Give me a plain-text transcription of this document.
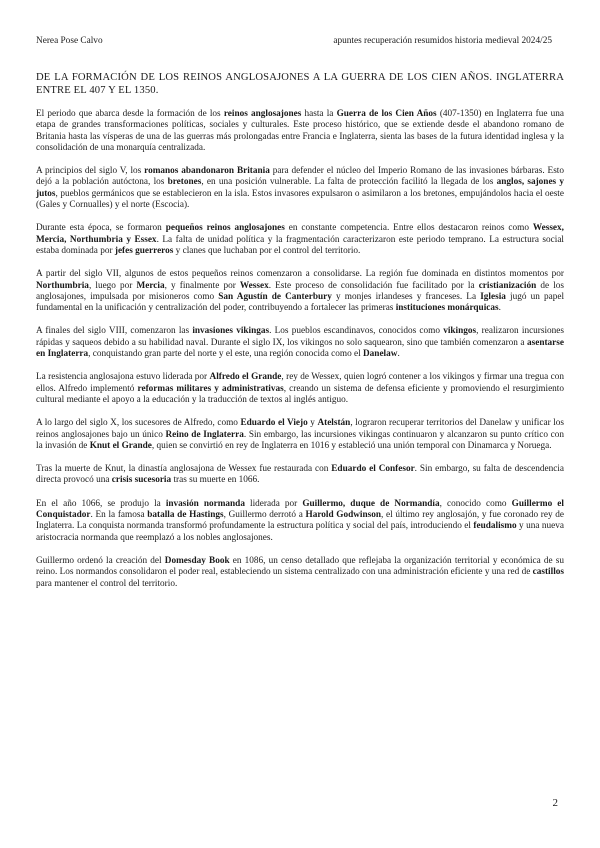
Nerea Pose Calvo	apuntes recuperación resumidos historia medieval 2024/25
DE LA FORMACIÓN DE LOS REINOS ANGLOSAJONES A LA GUERRA DE LOS CIEN AÑOS. INGLATERRA ENTRE EL 407 Y EL 1350.

El periodo que abarca desde la formación de los reinos anglosajones hasta la Guerra de los Cien Años (407-1350) en Inglaterra fue una etapa de grandes transformaciones políticas, sociales y culturales. Este proceso histórico, que se extiende desde el abandono romano de Britania hasta las vísperas de una de las guerras más prolongadas entre Francia e Inglaterra, sienta las bases de la futura identidad inglesa y la consolidación de una monarquía centralizada.

A principios del siglo V, los romanos abandonaron Britania para defender el núcleo del Imperio Romano de las invasiones bárbaras. Esto dejó a la población autóctona, los bretones, en una posición vulnerable. La falta de protección facilitó la llegada de los anglos, sajones y jutos, pueblos germánicos que se establecieron en la isla. Estos invasores expulsaron o asimilaron a los bretones, empujándolos hacia el oeste (Gales y Cornualles) y el norte (Escocia).

Durante esta época, se formaron pequeños reinos anglosajones en constante competencia. Entre ellos destacaron reinos como Wessex, Mercia, Northumbria y Essex. La falta de unidad política y la fragmentación caracterizaron este periodo temprano. La estructura social estaba dominada por jefes guerreros y clanes que luchaban por el control del territorio.

A partir del siglo VII, algunos de estos pequeños reinos comenzaron a consolidarse. La región fue dominada en distintos momentos por Northumbria, luego por Mercia, y finalmente por Wessex. Este proceso de consolidación fue facilitado por la cristianización de los anglosajones, impulsada por misioneros como San Agustín de Canterbury y monjes irlandeses y franceses. La Iglesia jugó un papel fundamental en la unificación y centralización del poder, contribuyendo a fortalecer las primeras instituciones monárquicas.

A finales del siglo VIII, comenzaron las invasiones vikingas. Los pueblos escandinavos, conocidos como vikingos, realizaron incursiones rápidas y saqueos debido a su habilidad naval. Durante el siglo IX, los vikingos no solo saquearon, sino que también comenzaron a asentarse en Inglaterra, conquistando gran parte del norte y el este, una región conocida como el Danelaw.

La resistencia anglosajona estuvo liderada por Alfredo el Grande, rey de Wessex, quien logró contener a los vikingos y firmar una tregua con ellos. Alfredo implementó reformas militares y administrativas, creando un sistema de defensa eficiente y promoviendo el resurgimiento cultural mediante el apoyo a la educación y la traducción de textos al inglés antiguo.

A lo largo del siglo X, los sucesores de Alfredo, como Eduardo el Viejo y Atelstán, lograron recuperar territorios del Danelaw y unificar los reinos anglosajones bajo un único Reino de Inglaterra. Sin embargo, las incursiones vikingas continuaron y alcanzaron su punto crítico con la invasión de Knut el Grande, quien se convirtió en rey de Inglaterra en 1016 y estableció una unión temporal con Dinamarca y Noruega.

Tras la muerte de Knut, la dinastía anglosajona de Wessex fue restaurada con Eduardo el Confesor. Sin embargo, su falta de descendencia directa provocó una crisis sucesoria tras su muerte en 1066.

En el año 1066, se produjo la invasión normanda liderada por Guillermo, duque de Normandía, conocido como Guillermo el Conquistador. En la famosa batalla de Hastings, Guillermo derrotó a Harold Godwinson, el último rey anglosajón, y fue coronado rey de Inglaterra. La conquista normanda transformó profundamente la estructura política y social del país, introduciendo el feudalismo y una nueva aristocracia normanda que reemplazó a los nobles anglosajones.

Guillermo ordenó la creación del Domesday Book en 1086, un censo detallado que reflejaba la organización territorial y económica de su reino. Los normandos consolidaron el poder real, estableciendo un sistema centralizado con una administración eficiente y una red de castillos para mantener el control del territorio.

2
